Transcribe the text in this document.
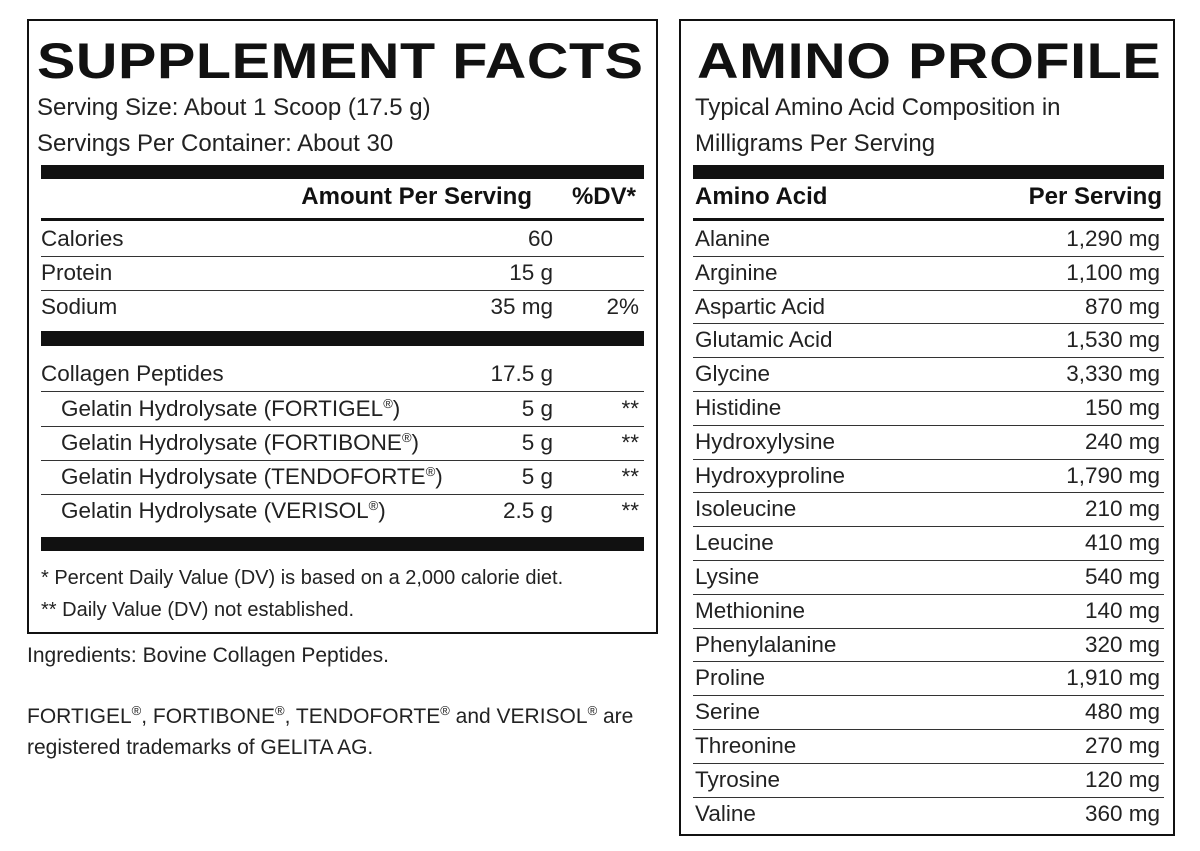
SUPPLEMENT FACTS
Serving Size: About 1 Scoop (17.5 g)
Servings Per Container: About 30
Amount Per Serving %DV*
Calories	60
Protein	15 g
Sodium	35 mg 2%
Collagen Peptides	17.5 g
Gelatin Hydrolysate (FORTIGEL®)	5 g	**
Gelatin Hydrolysate (FORTIBONE®)	5 g	**
Gelatin Hydrolysate (TENDOFORTE®)	5 g	**
Gelatin Hydrolysate (VERISOL®)	2.5 g	**
* Percent Daily Value (DV) is based on a 2,000 calorie diet.
** Daily Value (DV) not established.
Ingredients: Bovine Collagen Peptides.
FORTIGEL®, FORTIBONE®, TENDOFORTE® and VERISOL® are
registered trademarks of GELITA AG.
AMINO PROFILE
Typical Amino Acid Composition in
Milligrams Per Serving
Amino Acid	Per Serving
Alanine	1,290 mg
Arginine	1,100 mg
Aspartic Acid	870 mg
Glutamic Acid	1,530 mg
Glycine	3,330 mg
Histidine	150 mg
Hydroxylysine	240 mg
Hydroxyproline	1,790 mg
Isoleucine	210 mg
Leucine	410 mg
Lysine	540 mg
Methionine	140 mg
Phenylalanine	320 mg
Proline	1,910 mg
Serine	480 mg
Threonine	270 mg
Tyrosine	120 mg
Valine	360 mg
